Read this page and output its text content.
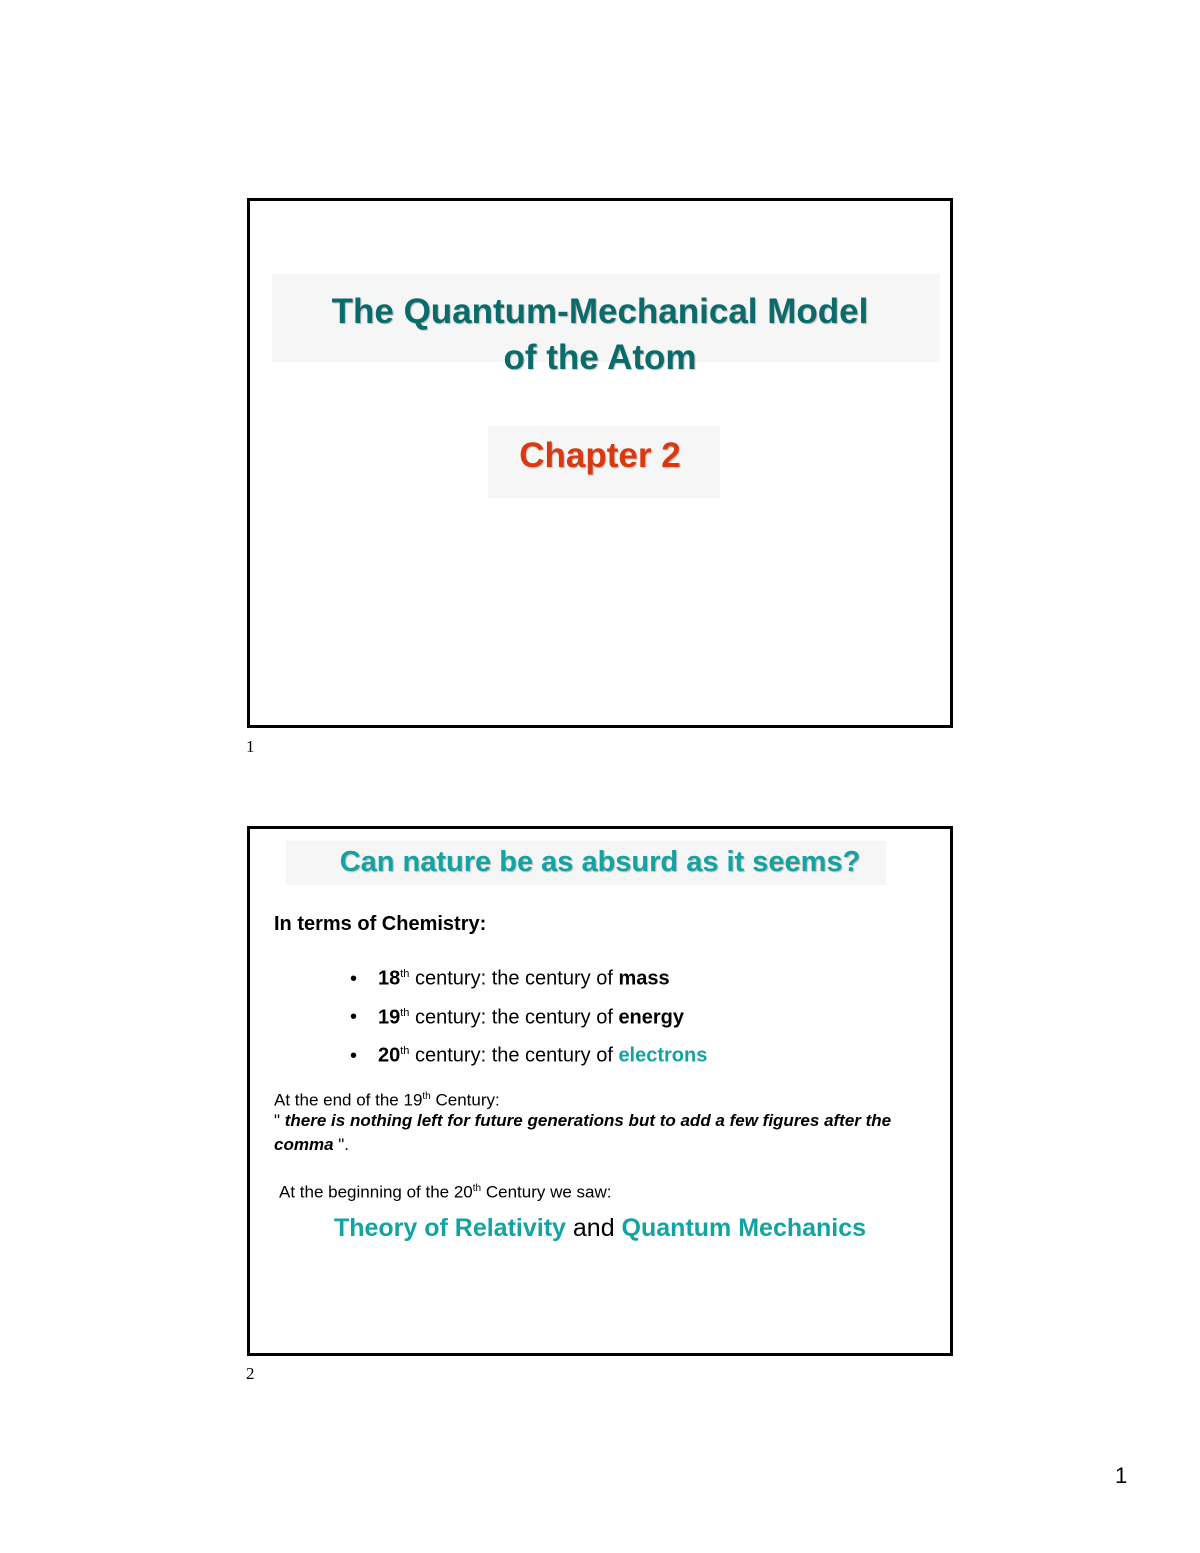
The Quantum-Mechanical Model
of the Atom
Chapter 2
1
Can nature be as absurd as it seems?
In terms of Chemistry:
• 18th century: the century of mass
• 19th century: the century of energy
• 20th century: the century of electrons
At the end of the 19th Century:
" there is nothing left for future generations but to add a few figures after the comma ".
At the beginning of the 20th Century we saw:
Theory of Relativity and Quantum Mechanics
2
1
